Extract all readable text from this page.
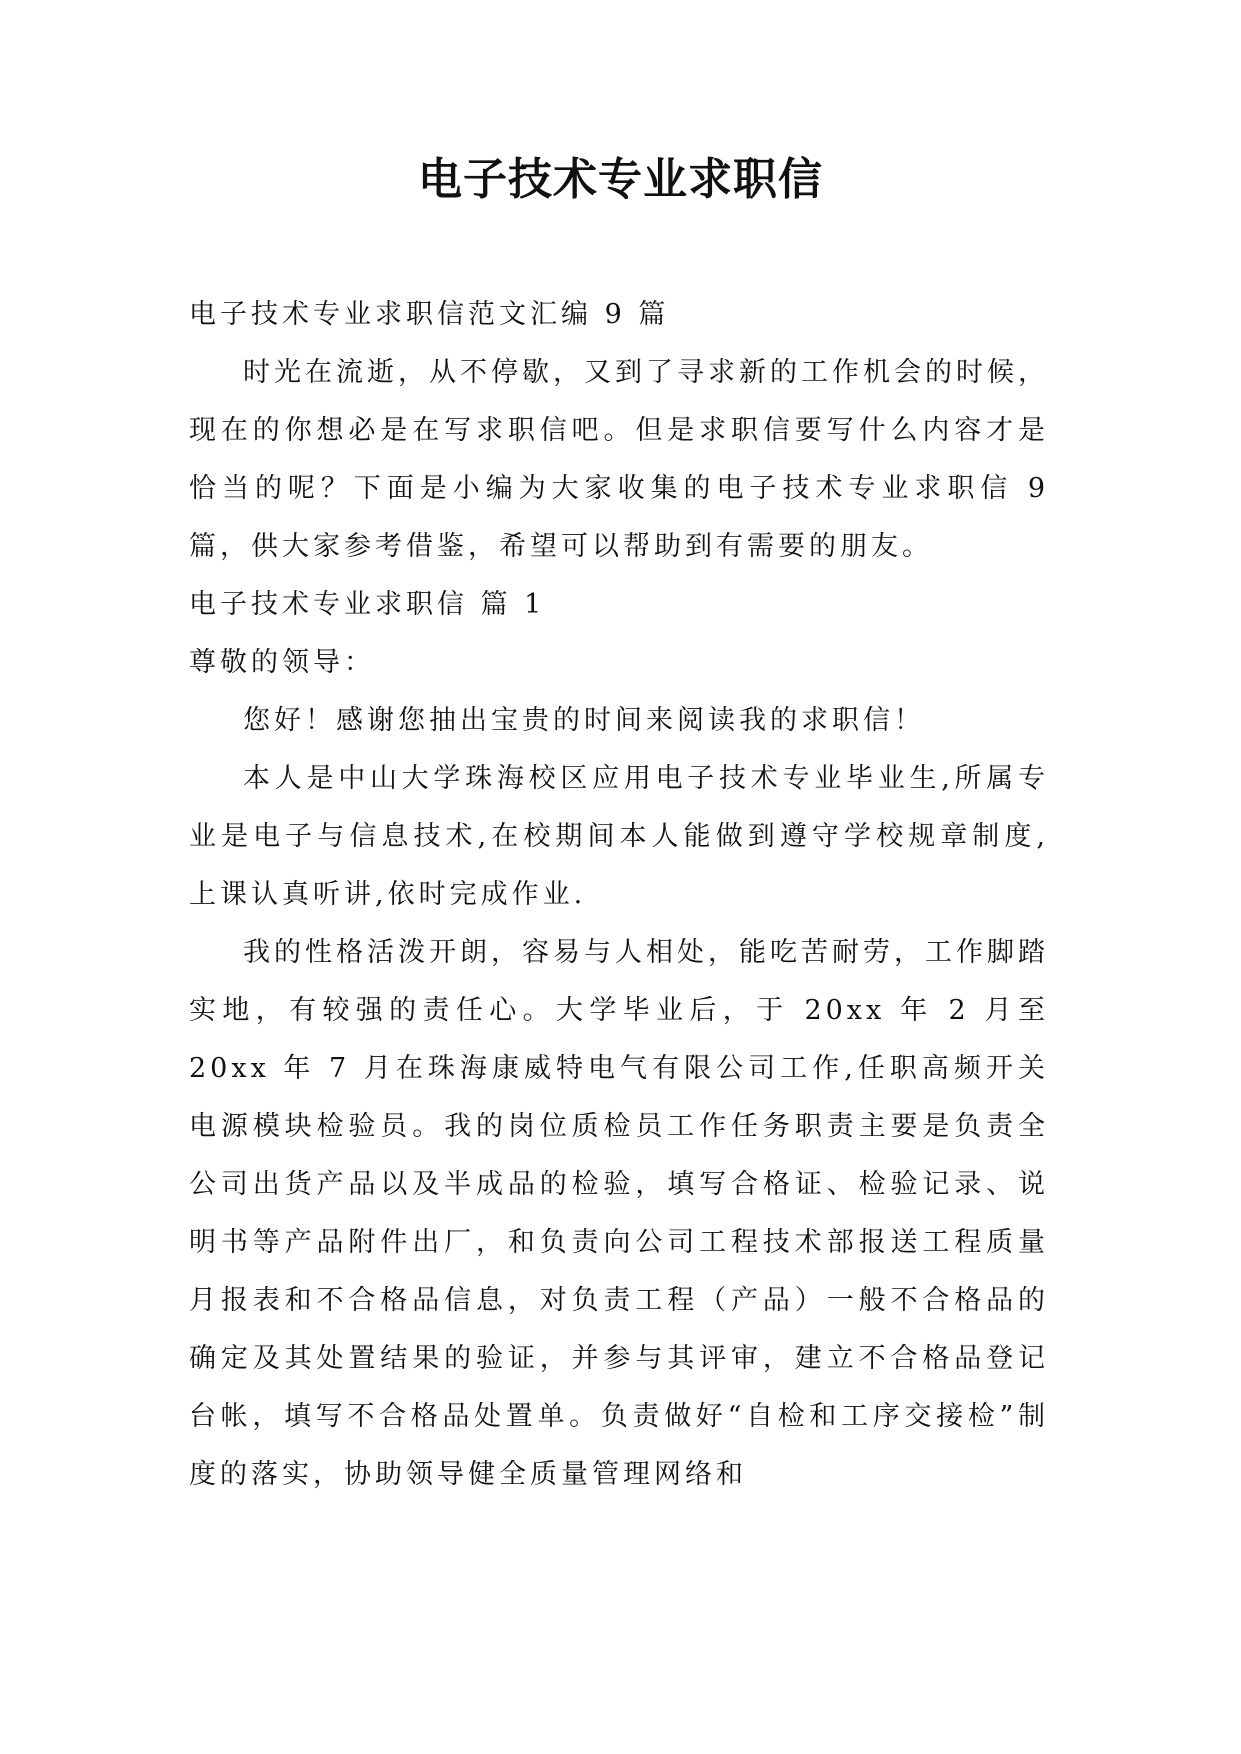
电子技术专业求职信

电子技术专业求职信范文汇编 9 篇

时光在流逝，从不停歇，又到了寻求新的工作机会的时候，现在的你想必是在写求职信吧。但是求职信要写什么内容才是恰当的呢？下面是小编为大家收集的电子技术专业求职信 9 篇，供大家参考借鉴，希望可以帮助到有需要的朋友。

电子技术专业求职信 篇 1

尊敬的领导：

您好！感谢您抽出宝贵的时间来阅读我的求职信！

本人是中山大学珠海校区应用电子技术专业毕业生,所属专业是电子与信息技术,在校期间本人能做到遵守学校规章制度,上课认真听讲,依时完成作业.

我的性格活泼开朗，容易与人相处，能吃苦耐劳，工作脚踏实地，有较强的责任心。大学毕业后，于 20xx 年 2 月至 20xx 年 7 月在珠海康威特电气有限公司工作,任职高频开关电源模块检验员。我的岗位质检员工作任务职责主要是负责全公司出货产品以及半成品的检验，填写合格证、检验记录、说明书等产品附件出厂，和负责向公司工程技术部报送工程质量月报表和不合格品信息，对负责工程（产品）一般不合格品的确定及其处置结果的验证，并参与其评审，建立不合格品登记台帐，填写不合格品处置单。负责做好“自检和工序交接检”制度的落实，协助领导健全质量管理网络和
